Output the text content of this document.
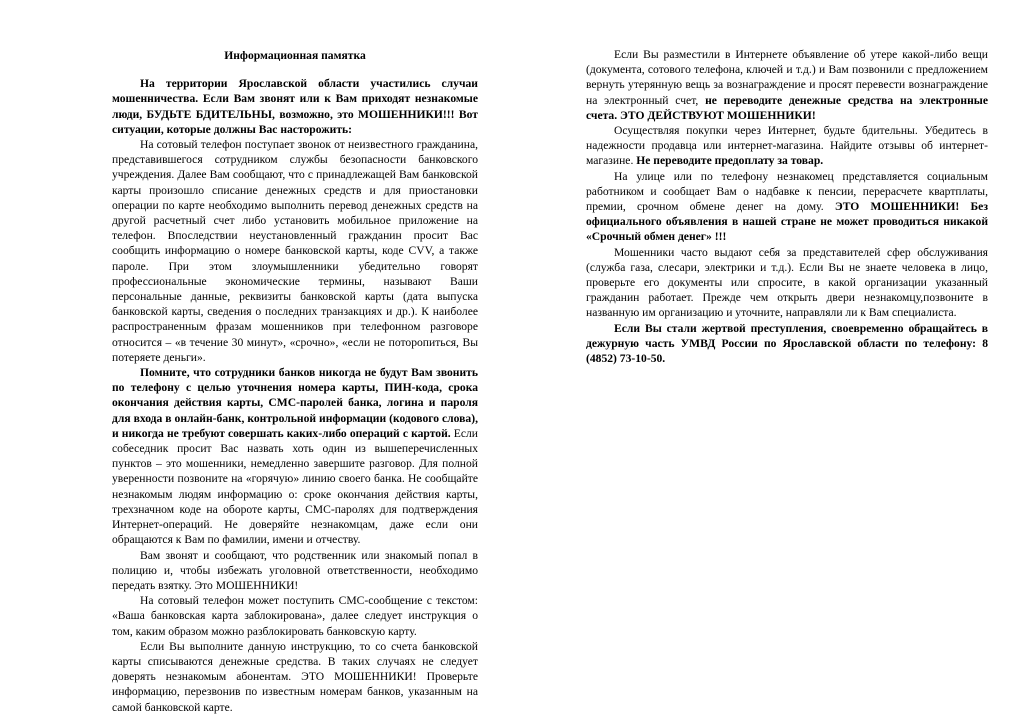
Информационная памятка

На территории Ярославской области участились случаи мошенничества. Если Вам звонят или к Вам приходят незнакомые люди, БУДЬТЕ БДИТЕЛЬНЫ, возможно, это МОШЕННИКИ!!! Вот ситуации, которые должны Вас насторожить:

На сотовый телефон поступает звонок от неизвестного гражданина, представившегося сотрудником службы безопасности банковского учреждения. Далее Вам сообщают, что с принадлежащей Вам банковской карты произошло списание денежных средств и для приостановки операции по карте необходимо выполнить перевод денежных средств на другой расчетный счет либо установить мобильное приложение на телефон. Впоследствии неустановленный гражданин просит Вас сообщить информацию о номере банковской карты, коде CVV, а также пароле. При этом злоумышленники убедительно говорят профессиональные экономические термины, называют Ваши персональные данные, реквизиты банковской карты (дата выпуска банковской карты, сведения о последних транзакциях и др.). К наиболее распространенным фразам мошенников при телефонном разговоре относится – «в течение 30 минут», «срочно», «если не поторопиться, Вы потеряете деньги».

Помните, что сотрудники банков никогда не будут Вам звонить по телефону с целью уточнения номера карты, ПИН-кода, срока окончания действия карты, СМС-паролей банка, логина и пароля для входа в онлайн-банк, контрольной информации (кодового слова), и никогда не требуют совершать каких-либо операций с картой. Если собеседник просит Вас назвать хоть один из вышеперечисленных пунктов – это мошенники, немедленно завершите разговор. Для полной уверенности позвоните на «горячую» линию своего банка. Не сообщайте незнакомым людям информацию о: сроке окончания действия карты, трехзначном коде на обороте карты, СМС-паролях для подтверждения Интернет-операций. Не доверяйте незнакомцам, даже если они обращаются к Вам по фамилии, имени и отчеству.

Вам звонят и сообщают, что родственник или знакомый попал в полицию и, чтобы избежать уголовной ответственности, необходимо передать взятку. Это МОШЕННИКИ!

На сотовый телефон может поступить СМС-сообщение с текстом: «Ваша банковская карта заблокирована», далее следует инструкция о том, каким образом можно разблокировать банковскую карту.

Если Вы выполните данную инструкцию, то со счета банковской карты списываются денежные средства. В таких случаях не следует доверять незнакомым абонентам. ЭТО МОШЕННИКИ! Проверьте информацию, перезвонив по известным номерам банков, указанным на самой банковской карте.

Если Вы разместили в Интернете объявление об утере какой-либо вещи (документа, сотового телефона, ключей и т.д.) и Вам позвонили с предложением вернуть утерянную вещь за вознаграждение и просят перевести вознаграждение на электронный счет, не переводите денежные средства на электронные счета. ЭТО ДЕЙСТВУЮТ МОШЕННИКИ!

Осуществляя покупки через Интернет, будьте бдительны. Убедитесь в надежности продавца или интернет-магазина. Найдите отзывы об интернет-магазине. Не переводите предоплату за товар.

На улице или по телефону незнакомец представляется социальным работником и сообщает Вам о надбавке к пенсии, перерасчете квартплаты, премии, срочном обмене денег на дому. ЭТО МОШЕННИКИ! Без официального объявления в нашей стране не может проводиться никакой «Срочный обмен денег» !!!

Мошенники часто выдают себя за представителей сфер обслуживания (служба газа, слесари, электрики и т.д.). Если Вы не знаете человека в лицо, проверьте его документы или спросите, в какой организации указанный гражданин работает. Прежде чем открыть двери незнакомцу,позвоните в названную им организацию и уточните, направляли ли к Вам специалиста.

Если Вы стали жертвой преступления, своевременно обращайтесь в дежурную часть УМВД России по Ярославской области по телефону: 8 (4852) 73-10-50.
